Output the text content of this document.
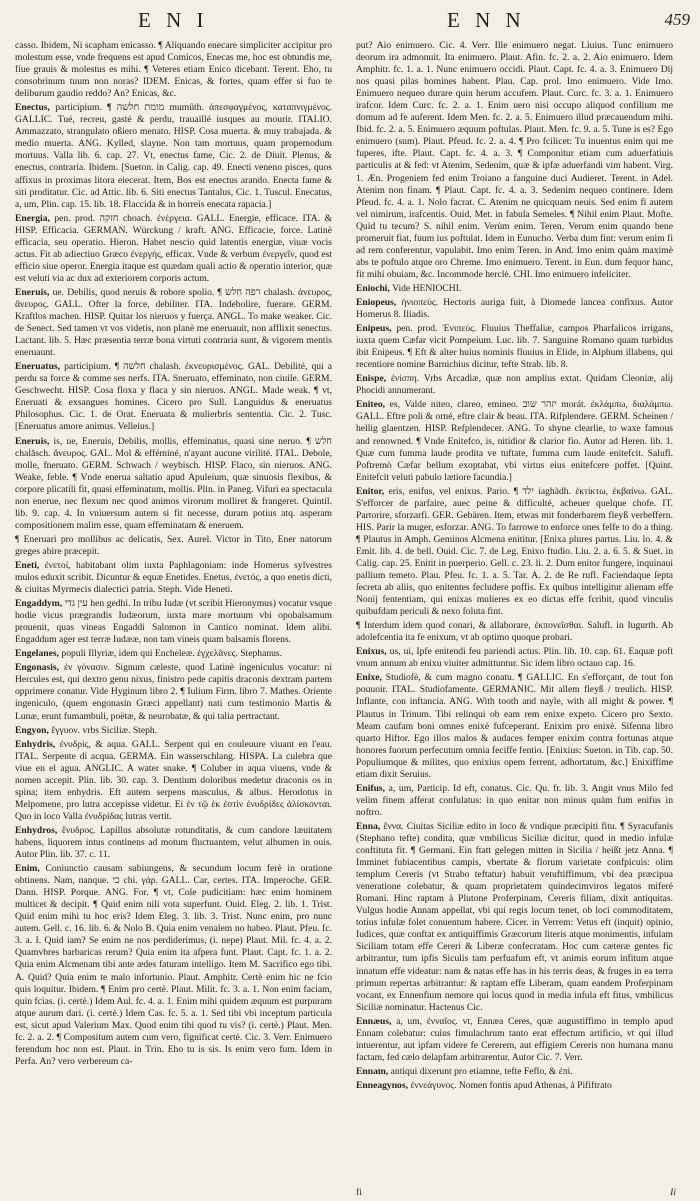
E N I	E N N	459

casso. Ibidem, Ni scapham enicasso. ¶ Aliquando enecare simpliciter accipitur pro molestum esse, vnde frequens est apud Comicos, Enecas me, hoc est obtundis me, fiue grauis & molestus es mihi. ¶ Veteres etiam Enico dicebant. Terent. Eho, tu consobrinum tuum non noras? IDEM. Enicas, & fortes, quam effer si fuo te deliburum gaudio reddo? An? Enicas, &c.

Enectus, participium. ¶ מומת חלשה muműth. ἀπεσφαγμένος, καταπνιγμένος. GALLIC. Tué, recreu, gasté & perdu, trauaillé iusques au mourir. ITALIO. Ammazzato, strangulato oßiero menato. HISP. Cosa muerta. & muy trabajada. & medio muerta. ANG. Kylled, slayne. Non tam mortuus, quam propemodum mortuus. Valla lib. 6. cap. 27. Vt, enectus fame, Cic. 2. de Diuit. Plenus, & enectus, contraria. Ibidem. [Sueton. in Calig. cap. 49. Enecti veneno pisces, quos affixus in proximas litora eiecerat. Item, Bos est enectus arando. Enecta fame & siti proditatur. Cic. ad Attic. lib. 6. Siti enectus Tantalus, Cic. 1. Tuscul. Enecatus, a, um, Plin. cap. 15. lib. 18. Flaccida & in horreis enecata rapacia.]

Energia, pen. prod. חזקה choach. ἐνέργεια. GALL. Energie, efficace. ITA. & HISP. Efficacia. GERMAN. Würckung / kraft. ANG. Efficacie, force. Latinè efficacia, seu operatio. Hieron. Habet nescio quid latentis energiæ, viuæ vocis actus. Fit ab adiectiuo Græco ἐνεργής, efficax. Vnde & verbum ἐνεργεῖν, quod est efficio siue operor. Energia itaque est quædam quali actio & operatio interior, quæ est veluti via ac dux ad exteriorem corporis actum.

Eneruis, ue. Debilis, quod neruis & robore spolio. ¶ רפה חלש chalash. ἀνευρος, ἄνευρος. GALL. Ofter la force, debiliter. ITA. Indebolire, fuerare. GERM. Kraftlos machen. HISP. Quitar los nieruos y fuerça. ANGL. To make weaker. Cic. de Senect. Sed tamen vt vos videtis, non planè me eneruauit, non afflixit senectus. Lactant. lib. 5. Hæc præsentia terræ bona virtuti contraria sunt, & vigorem mentis eneruaunt.

Eneruatus, participium. ¶ חלשה chalash. ἐκνευρισμένος. GAL. Debilité, qui a perdu sa force & comme ses nerfs. ITA. Sneruato, effeminato, non ciuile. GERM. Geschwecht. HISP. Cosa floxa y flaca y sin nieruos. ANGL. Made weak. ¶ vt, Eneruati & exsangues homines. Cicero pro Sull. Languidus & eneruatus Philosophus. Cic. 1. de Orat. Eneruata & mulierbris sententia. Cic. 2. Tusc. [Eneruatus amore animus. Velleius.]

Eneruis, is, ue, Eneruis, Debilis, mollis, effeminatus, quasi sine neruo. ¶ חלש chalăsch. ἄνευρος. GAL. Mol & efféminé, n'ayant aucune virilité. ITAL. Debole, molle, fneruato. GERM. Schwach / weybisch. HISP. Flaco, sin nieruos. ANG. Weake, feble. ¶ Vnde enerua saltatio apud Apuleium, quæ sinuosis flexibus, & corpore plicatili fit, quasi effeminatum, mollis. Plin. in Paneg. Vifuri ea spectacula non enerue, nec flexum nec quod animos virorum molliret & frangeret. Quintil. lib. 9. cap. 4. In vniuersum autem si fit necesse, duram potius atq. asperam compositionem malim esse, quam effeminatam & eneruem.

¶ Eneruari pro mollibus ac delicatis, Sex. Aurel. Victor in Tito, Ener natorum greges abire præcepit.

Eneti, ἐνετοί, habitabant olim iuxta Paphlagoniam: inde Homerus sylvestres mulos eduxit scribit. Dicuntur & equæ Enetides. Enetus, ἐνετός, a quo enetis dicti, & ciuitas Myrmecis dialectici patria. Steph. Vide Heneti.

Engaddym, עין גדי hen gedhi. In tribu Iudæ (vt scribit Hieronymus) vocatur vsque hodie vicus prægrandis Iudæorum, iuxta mare mortuum vbi opobalsamum prouenit, quas vineas Engaddi Salomon in Cantico nominat. Idem alibi. Engaddum ager est terræ Iudææ, non tam vineis quam balsamis florens.

Engelanes, populi Illyriæ, idem qui Encheleæ. ἐγχελᾶνες. Stephanus.

Engonasis, ἐν γόνασιν. Signum cæleste, quod Latinè ingeniculus vocatur: ni Hercules est, qui dextro genu nixus, finistro pede capitis draconis dextram partem opprimere conatur. Vide Hyginum libro 2. ¶ Iulium Firm. libro 7. Mathes. Oriente ingeniculo, (quem engonasin Græci appellant) nati cum testimonio Martis & Lunæ, erunt fumambuli, poëtæ, & neurobatæ, & qui talia pertractant.

Engyon, ἔγγυον. vrbs Siciliæ. Steph.

Enhydris, ἐνυδρίς, & aqua. GALL. Serpent qui en couleuure viuant en l'eau. ITAL. Serpente di acqua. GERMA. Ein wasserschlang. HISPA. La culebra que viue en el agua. ANGLIC. A water snake. ¶ Coluber in aqua viuens, vnde & nomen accepit. Plin. lib. 30. cap. 3. Dentium doloribus medetur draconis os in spina; item enhydris. Eft autem serpens masculus, & albus. Herodotus in Melpomene, pro lutra accepisse videtur. Εἰ ἐν τῷ ἐκ ἐστὶν ἐνυδρίδες ἁλίσκονται. Quo in loco Valla ἐνυδρίδας lutras vertit.

Enhydros, ἔνυδρος. Lapillus absolutæ rotunditatis, & cum candore læuitatem habens, liquorem intus continens ad motum fluctuantem, velut albumen in ouis. Autor Plin. lib. 37. c. 11.

Enim, Coniunctio causam subiungens, & secundum locum ferè in oratione obtinens. Nam, nanque. כי chi. γάρ. GALL. Car, certes. ITA. Imperoche. GER. Dann. HISP. Porque. ANG. For. ¶ vt, Cole pudicitiam: hæc enim hominem multicet & decipit. ¶ Quid enim nili vota superfunt. Ouid. Eleg. 2. lib. 1. Trist. Quid enim mihi tu hoc eris? Idem Eleg. 3. lib. 3. Trist. Nunc enim, pro nunc autem. Gell. c. 16. lib. 6. & Nolo B. Quia enim venalem no habeo. Plaut. Pfeu. fc. 3. a. I. Quid iam? Se enim ne nos perdiderimus, (i. nepe) Plaut. Mil. fc. 4. a. 2. Quamvbres barbaricas rerum? Quia enim ita afpera funt. Plaut. Capt. fc. 1. a. 2. Quia enim Alcmenam tibi ante ædes faturam intelligo. Item M. Sacrifico ego tibi. A. Quid? Quia enim te malo infortunio. Plaut. Amphitr. Certè enim hic ne fcio quis loquitur. Ibidem. ¶ Enim pro certè. Plaut. Milit. fc. 3. a. 1. Non enim faciam, quin fcias. (i. certè.) Idem Aul. fc. 4. a. 1. Enim mihi quidem æquum est purpuram atque aurum dari. (i. certè.) Idem Cas. fc. 5. a. 1. Sed tibi vbi inceptum particula est, sicut apud Valerium Max. Quod enim tibi quod tu vis? (i. certè.) Plaut. Men. fc. 2. a. 2. ¶ Compositum autem cum vero, fignificat certè. Cic. 3. Verr. Enimuero ferendum hoc non est. Plaut. in Trin. Eho tu is sis. Is enim vero fum. Idem in Perfa. An? vero verbereum ca-

put? Aio enimuero. Cic. 4. Verr. Ille enimuero negat. Liuius. Tunc enimuero deorum ira admonuit. Ita enimuero. Plaut. Afin. fc. 2. a. 2. Aio enimuero. Idem Amphitr. fc. 1. a. 1. Nunc enimuero occidi. Plaut. Capt. fc. 4. a. 3. Enimuero Dij nos quasi pilas homines habent. Plau. Cap. prol. Imo enimuero. Vide Imo. Enimuero nequeo durare quin herum accufem. Plaut. Curc. fc. 3. a. 1. Enimuero irafcor. Idem Curc. fc. 2. a. 1. Enim uero nisi occupo aliquod confilium me domum ad fe auferent. Idem Men. fc. 2. a. 5. Enimuero illud præcauendum mihi. Ibid. fc. 2. a. 5. Enimuero æquum poftulas. Plaut. Men. fc. 9. a. 5. Tune is es? Ego enimuero (sum). Plaut. Pfeud. fc. 2. a. 4. ¶ Pro fcilicet: Tu inuentus enim qui me fuperes, ifte. Plaut. Capt. fc. 4. a. 3. ¶ Componitur etiam cum aduerfatiuis particulis at & fed: vt Atenim, Sedenim, quæ & ipfæ aduerfandi vim habent. Virg. 1. Æn. Progeniem fed enim Troiano a fanguine duci Audieret. Terent. in Adel. Atenim non finam. ¶ Plaut. Capt. fc. 4. a. 3. Sedenim nequeo continere. Idem Pfeud. fc. 4. a. 1. Nolo facrat. C. Atenim ne quicquam neuis. Sed enim fi autem vel nimirum, irafcentis. Ouid. Met. in fabula Semeles. ¶ Nihil enim Plaut. Mofte. Quid tu tecum? S. nihil enim. Verùm enim. Teren. Verum enim quando bene promeruit fiat, fuum ius poftulat. Idem in Eunucho. Verba dum fint: verum enim fi ad rem conferentur, vapulabit. Imo enim Teren. in And. Imo enim quàm maximè abs te poftulo atque oro Chreme. Imo enimuero. Terent. in Eun. dum fequor hanc, fit mihi obuiam, &c. Incommode herclè. CHI. Imo enimuero infelíciter.

Eniochi, Vide HENIOCHI.

Eniopeus, ἠνιοπεύς. Hectoris auriga fuit, à Diomede lancea confixus. Autor Homerus 8. Iliadis.

Enipeus, pen. prod. Ἐνιπεύς. Fluuius Theffaliæ, campos Pharfalicos irrigans, iuxta quem Cæfar vicit Pompeium. Luc. lib. 7. Sanguine Romano quam turbidus ibit Enipeus. ¶ Eft & alter huius nominis fluuius in Elide, in Alphum illabens, qui recentiore nomine Barnichius dicitur, tefte Strab. lib. 8.

Enispe, ἐνίσπη. Vrbs Arcadiæ, quæ non amplius extat. Quidam Cleoniæ, alij Phocidi annumerant.

Eniteo, es, Valde niteo, clareo, emineo. יזהר שוב morát. ἐκλάμπω, διαλάμπω. GALL. Eftre poli & orné, eftre clair & beau. ITA. Rifplendere. GERM. Scheinen / hellig glaentzen. HISP. Refplendecer. ANG. To shyne clearlie, to waxe famous and renowned. ¶ Vnde Enitefco, is, nitidior & clarior fio. Autor ad Heren. lib. 1. Quæ cum fumma laude prodita ve tuftate, fumma cum laude enitefcit. Salufl. Poftremò Cæfar bellum exoptabat, vbi virtus eius enitefcere poffet. [Quint. Enitefcit veluti pabulo lætiore facundia.]

Enitor, eris, enifus, vel enixus. Pario. ¶ ילד iaghàdh. ἐκτίκτω, ἐκβαίνω. GAL. S'efforcer de parfaire, auec peine & difficulté, acheuer quelque chofe. IT. Partorire, sforzarfi. GER. Gebären. Item, etwas mit fonderbarem fleyß verbeffern. HIS. Parir la muger, esforzar. ANG. To farrowe to enforce ones felfe to do a thing. ¶ Plautus in Amph. Geminos Alcmena enititur. [Enixa plures partus. Liu. lo. 4. & Emit. lib. 4. de bell. Ouid. Cic. 7. de Leg. Enixo ftudio. Liu. 2. a. 6. 5. & Suet. in Calig. cap. 25. Enitit in puerperio. Gell. c. 23. li. 2. Dum enitor fungere, inquinaui pallium temeto. Plau. Pfeu. fc. 1. a. 5. Tar. A. 2. de Re rufl. Faciendaque ſepta ſecreta ab aliis, quo enitentes fecludere poffis. Ex quibus intelligitur alienam effe Nonij fententiam, qui enixas mulieres ex eo dictas effe fcribit, quod vinculis quibufdam periculi & nexo foluta fint.

¶ Interdum idem quod conari, & allaborare, ἐκπονεῖσθαι. Salufl. in Iugurth. Ab adolefcentia ita fe enixum, vt ab optimo quoque probari.

Enixus, us, ui, Ipfe enitendi feu pariendi actus. Plin. lib. 10. cap. 61. Eaquæ poft vnum annum ab enixu viuiter admittuntur. Sic idem libro octauo cap. 16.

Enixe, Studiofè, & cum magno conatu. ¶ GALLIC. En s'efforçant, de tout fon pouuoir. ITAL. Studiofamente. GERMANIC. Mit allem fleyß / treulich. HISP. Inflante, con inftancia. ANG. With tooth and nayle, with all might & power. ¶ Plautus in Trinum. Tibi relinqui ob eam rem enixe expeto. Cicero pro Sexto. Meam caufam boni omnes enixè fufceperant. Enixim pro enixè. Sifenna libro quarto Hiftor. Ego illos malos & audaces femper enixim contra fortunas atque honores fuorum perfecutum omnia feciffe fentio. [Enixius: Sueton. in Tib. cap. 50. Populiumque & milites, quo enixius opem ferrent, adhortatum, &c.] Enixiffime etiam dixit Seruius.

Enifus, a, um, Particip. Id eft, conatus. Cic. Qu. fr. lib. 3. Angit vnus Milo fed velim finem afferat confulatus: in quo enitar non minus quàm fum enifus in noftro.

Enna, ἔννα. Ciuitas Siciliæ edito in loco & vndique præcipiti fitu. ¶ Syracufanis (Stephano tefte) condita, quæ vmbilicus Siciliæ dicitur, quod in medio infulæ conftituta fit. ¶ Germani. Ein ftatt gelegen mitten in Sicilia / heißt jetz Anna. ¶ Imminet fubiacentibus campis, vbertate & florum varietate confpicuis: olim templum Cereris (vt Strabo teftatur) habuit vetuftiffimum, vbi dea præcipua veneratione colebatur, & quam proprietatem quindecimviros legatos miferé Romani. Hinc raptam à Plutone Proferpinam, Cereris filiam, dixit antiquitas. Vulgus hodie Annam appellat, vbi qui regis locum tenet, ob loci commoditatem, totius infulæ folet conuentum habere. Cicer. in Verrem: Vetus eft (inquit) opinio, Iudices, quæ conftat ex antiquiffimis Græcorum literis atque monimentis, infulam Siciliam totam effe Cereri & Liberæ confecratam. Hoc cum cæteræ gentes fic arbitrantur, tum ipfis Siculis tam perfuafum eft, vt animis eorum infitum atque innatum effe videatur: nam & natas effe has in his terris deas, & fruges in ea terra primum repertas arbitrantur: & raptam effe Liberam, quam eandem Proferpinam vocant, ex Ennenfium nemore qui locus quod in media infula eft fitus, vmbilicus Siciliæ nominatur. Hactenus Cic.

Ennæus, a, um, ἐνναῖος. vt, Ennæa Ceres, quæ augustiffimo in templo apud Ennam colebatur: cuius fimulachrum tanto erat effectum artificio, vt qui illud intuerentur, aut ipfam videre fe Cererem, aut effigiem Cereris non humana manu factam, fed cælo delapfam arbitrarentur. Autor Cic. 7. Verr.

Ennam, antiqui dixerunt pro etiamne, tefte Feflo, & ἐπί.

Enneagynos, ἐννεάγυνος. Nomen fontis apud Athenas, à Pififtrato

fi	Ii
